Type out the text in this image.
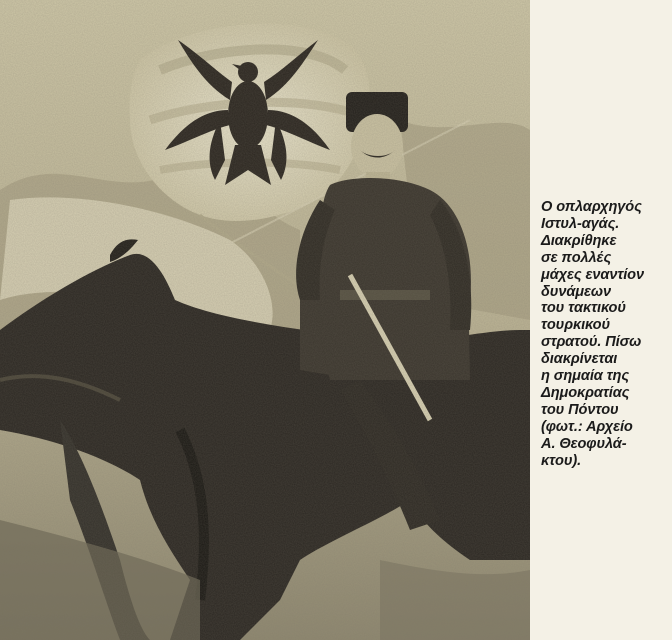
Ο οπλαρχηγός
Ιστυλ-αγάς.
Διακρίθηκε
σε πολλές
μάχες εναντίον
δυνάμεων
του τακτικού
τουρκικού
στρατού. Πίσω
διακρίνεται
η σημαία της
Δημοκρατίας
του Πόντου
(φωτ.: Αρχείο
Α. Θεοφυλά-
κτου).
